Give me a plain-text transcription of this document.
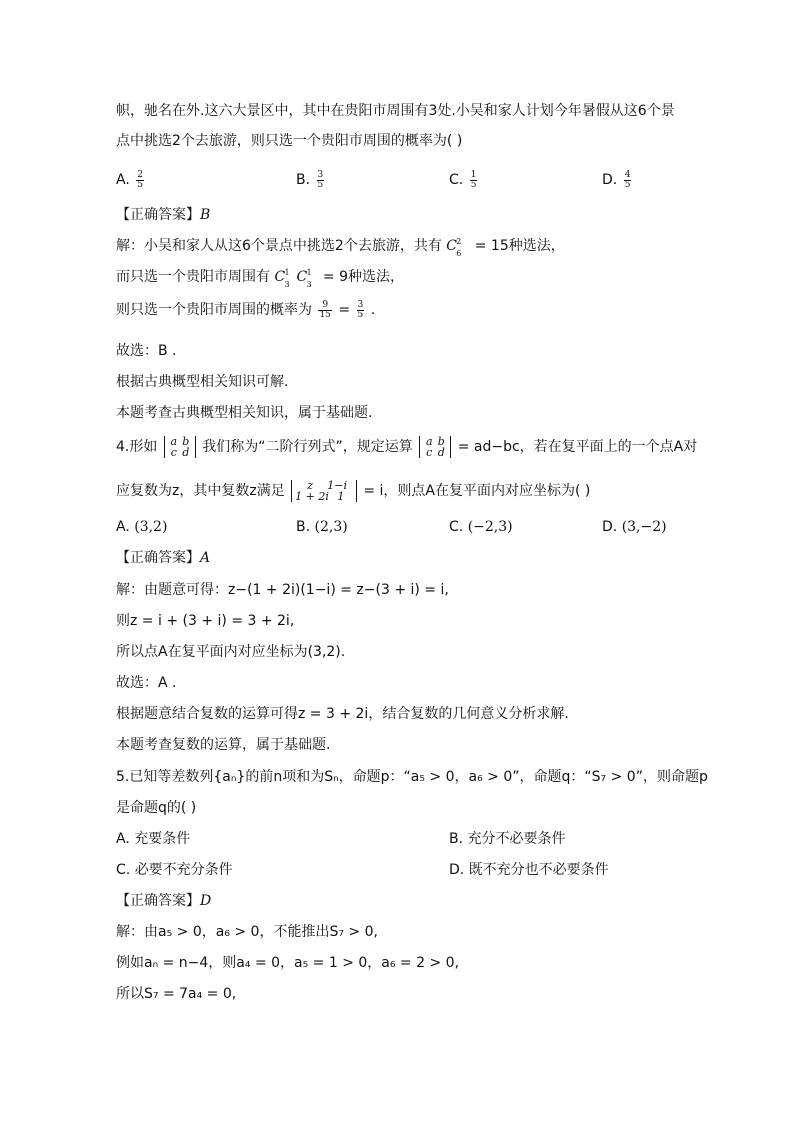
帜，驰名在外.这六大景区中，其中在贵阳市周围有3处.小吴和家人计划今年暑假从这6个景
点中挑选2个去旅游，则只选一个贵阳市周围的概率为( )
A. $\frac{2}{5}$	B. $\frac{3}{5}$	C. $\frac{1}{5}$	D. $\frac{4}{5}$
【正确答案】B
解：小吴和家人从这6个景点中挑选2个去旅游，共有 C 2
6 = 15种选法，
而只选一个贵阳市周围有 C 1
3 C 1
3 = 9种选法，
则只选一个贵阳市周围的概率为 $\frac{9}{15} = \frac{3}{5}$ .
故选：B .
根据古典概型相关知识可解.
本题考查古典概型相关知识，属于基础题.
4.形如 a b
c d 我们称为“二阶行列式”，规定运算 a b
c d = ad−bc，若在复平面上的一个点A对
应复数为z，其中复数z满足	z 1−i
1 + 2i 1	= i，则点A在复平面内对应坐标为( )
A. (3,2)	B. (2,3)	C. (−2,3)	D. (3,−2)
【正确答案】A
解：由题意可得：z−(1 + 2i)(1−i) = z−(3 + i) = i,
则z = i + (3 + i) = 3 + 2i,
所以点A在复平面内对应坐标为(3,2).
故选：A .
根据题意结合复数的运算可得z = 3 + 2i，结合复数的几何意义分析求解.
本题考查复数的运算，属于基础题.
5.已知等差数列{aₙ}的前n项和为Sₙ，命题p：“a₅ > 0，a₆ > 0”，命题q：“S₇ > 0”，则命题p
是命题q的( )
A. 充要条件	B. 充分不必要条件
C. 必要不充分条件	D. 既不充分也不必要条件
【正确答案】D
解：由a₅ > 0，a₆ > 0，不能推出S₇ > 0,
例如aₙ = n−4，则a₄ = 0，a₅ = 1 > 0，a₆ = 2 > 0,
所以S₇ = 7a₄ = 0,
